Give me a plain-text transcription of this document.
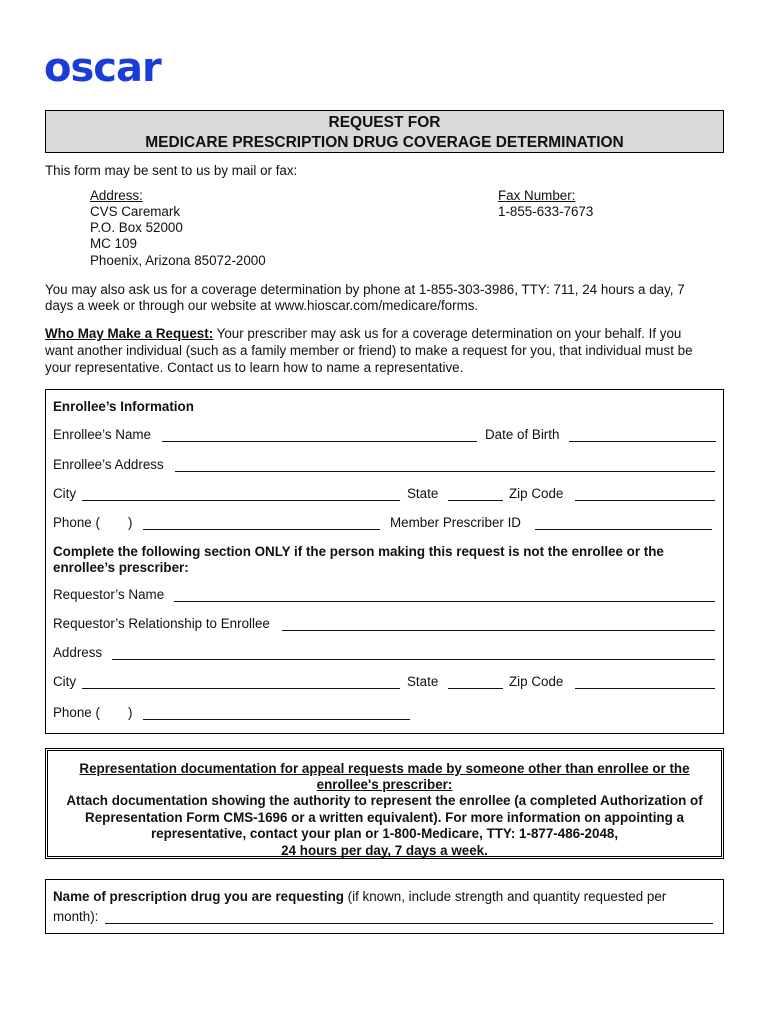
oscar
REQUEST FOR
MEDICARE PRESCRIPTION DRUG COVERAGE DETERMINATION
This form may be sent to us by mail or fax:
Address:
CVS Caremark
P.O. Box 52000
MC 109
Phoenix, Arizona 85072-2000
Fax Number:
1-855-633-7673
You may also ask us for a coverage determination by phone at 1-855-303-3986, TTY: 711, 24 hours a day, 7
days a week or through our website at www.hioscar.com/medicare/forms.
Who May Make a Request: Your prescriber may ask us for a coverage determination on your behalf. If you
want another individual (such as a family member or friend) to make a request for you, that individual must be
your representative. Contact us to learn how to name a representative.
Enrollee’s Information
Enrollee’s Name	Date of Birth
Enrollee’s Address
City	State	Zip Code
Phone ( )	Member Prescriber ID
Complete the following section ONLY if the person making this request is not the enrollee or the
enrollee’s prescriber:
Requestor’s Name
Requestor’s Relationship to Enrollee
Address
City	State	Zip Code
Phone ( )
Representation documentation for appeal requests made by someone other than enrollee or the
enrollee's prescriber:
Attach documentation showing the authority to represent the enrollee (a completed Authorization of
Representation Form CMS-1696 or a written equivalent). For more information on appointing a
representative, contact your plan or 1-800-Medicare, TTY: 1-877-486-2048,
24 hours per day, 7 days a week.
Name of prescription drug you are requesting (if known, include strength and quantity requested per
month):
